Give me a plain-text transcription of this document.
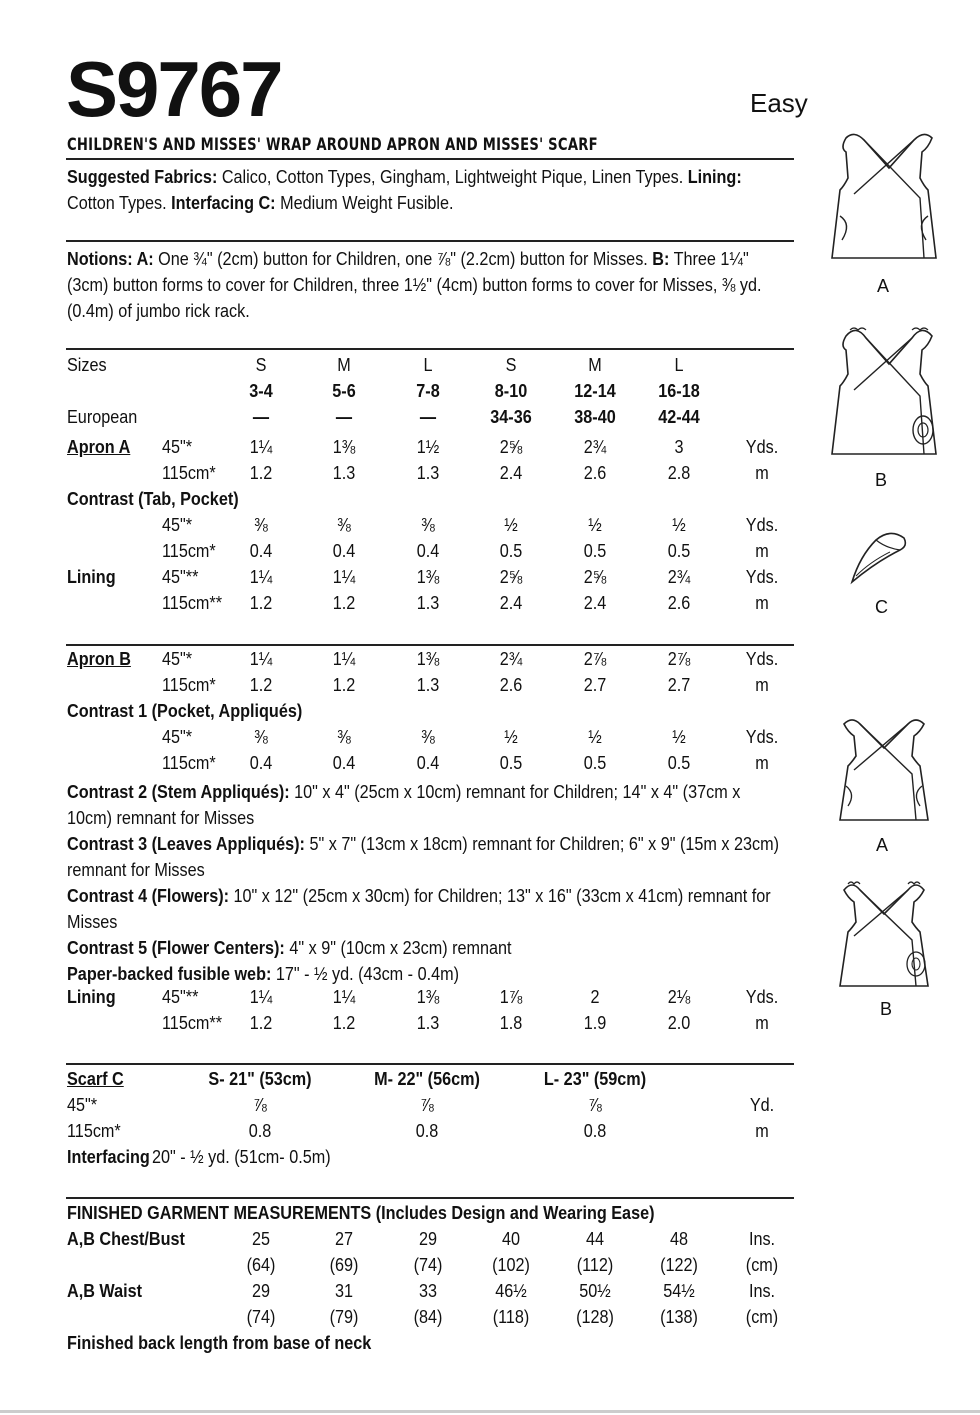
S9767	Easy
CHILDREN'S AND MISSES' WRAP AROUND APRON AND MISSES' SCARF
Suggested Fabrics: Calico, Cotton Types, Gingham, Lightweight Pique, Linen Types. Lining: Cotton Types. Interfacing C: Medium Weight Fusible.
Notions: A: One ¾" (2cm) button for Children, one ⅞" (2.2cm) button for Misses. B: Three 1¼" (3cm) button forms to cover for Children, three 1½" (4cm) button forms to cover for Misses, ⅜ yd. (0.4m) of jumbo rick rack.
Sizes	S
3-4
—
M
5-6
—
L
7-8
—
S
8-10
34-36
M
12-14
38-40
L
16-18
42-44
European
Apron A 45"*	1¼	1⅜	1½	2⅝	2¾	3	Yds.
115cm* 1.2	1.3	1.3	2.4	2.6	2.8	m
Contrast (Tab, Pocket)
45"*	⅜	⅜	⅜	½	½	½	Yds.
115cm* 0.4	0.4	0.4	0.5	0.5	0.5	m
Lining	45"**	1¼	1¼	1⅜	2⅝	2⅝	2¾	Yds.
115cm** 1.2	1.2	1.3	2.4	2.4	2.6	m
Apron B 45"*	1¼	1¼	1⅜	2¾	2⅞	2⅞	Yds.
115cm* 1.2	1.2	1.3	2.6	2.7	2.7	m
Contrast 1 (Pocket, Appliqués)
45"*	⅜	⅜	⅜	½	½	½	Yds.
115cm* 0.4	0.4	0.4	0.5	0.5	0.5	m
Contrast 2 (Stem Appliqués): 10" x 4" (25cm x 10cm) remnant for Children; 14" x 4" (37cm x 10cm) remnant for Misses
Contrast 3 (Leaves Appliqués): 5" x 7" (13cm x 18cm) remnant for Children; 6" x 9" (15m x 23cm) remnant for Misses
Contrast 4 (Flowers): 10" x 12" (25cm x 30cm) for Children; 13" x 16" (33cm x 41cm) remnant for Misses
Contrast 5 (Flower Centers): 4" x 9" (10cm x 23cm) remnant
Paper-backed fusible web: 17" - ½ yd. (43cm - 0.4m)
Lining	45"**	1¼	1¼	1⅜	1⅞	2	2⅛	Yds.
115cm** 1.2	1.2	1.3	1.8	1.9	2.0	m
Scarf C	S- 21" (53cm)	M- 22" (56cm)	L- 23" (59cm)
45"*
115cm*
⅞	⅞	⅞	Yd.
0.8	0.8	0.8	m
Interfacing 20" - ½ yd. (51cm- 0.5m)
FINISHED GARMENT MEASUREMENTS (Includes Design and Wearing Ease)
A,B Chest/Bust
A,B Waist
25
(64)
29
(74)
27
(69)
31
(79)
29
(74)
33
(84)
40
(102)
46½
(118)
44
(112)
50½
(128)
48
(122)
54½
(138)
Ins.
(cm)
Ins.
(cm)
Finished back length from base of neck
A
B
C
A
B
